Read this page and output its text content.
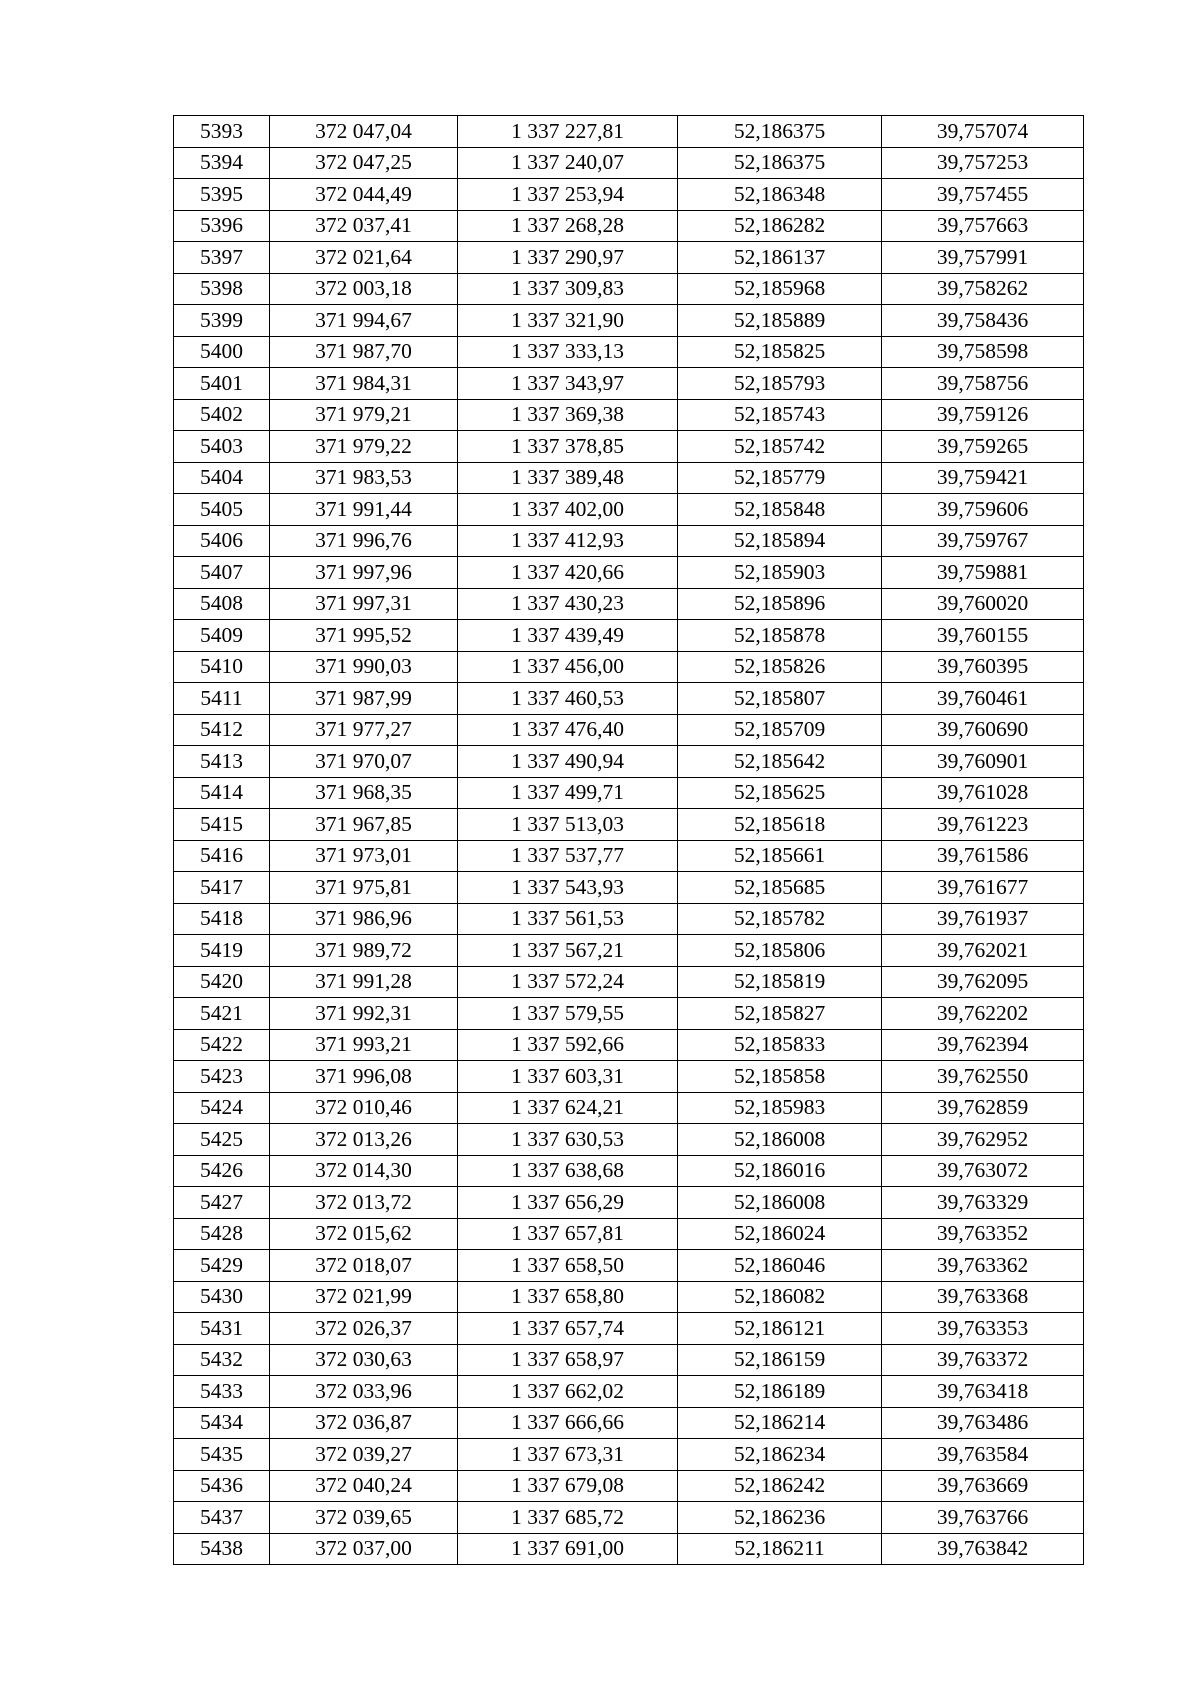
5393	372 047,04	1 337 227,81	52,186375	39,757074
5394	372 047,25	1 337 240,07	52,186375	39,757253
5395	372 044,49	1 337 253,94	52,186348	39,757455
5396	372 037,41	1 337 268,28	52,186282	39,757663
5397	372 021,64	1 337 290,97	52,186137	39,757991
5398	372 003,18	1 337 309,83	52,185968	39,758262
5399	371 994,67	1 337 321,90	52,185889	39,758436
5400	371 987,70	1 337 333,13	52,185825	39,758598
5401	371 984,31	1 337 343,97	52,185793	39,758756
5402	371 979,21	1 337 369,38	52,185743	39,759126
5403	371 979,22	1 337 378,85	52,185742	39,759265
5404	371 983,53	1 337 389,48	52,185779	39,759421
5405	371 991,44	1 337 402,00	52,185848	39,759606
5406	371 996,76	1 337 412,93	52,185894	39,759767
5407	371 997,96	1 337 420,66	52,185903	39,759881
5408	371 997,31	1 337 430,23	52,185896	39,760020
5409	371 995,52	1 337 439,49	52,185878	39,760155
5410	371 990,03	1 337 456,00	52,185826	39,760395
5411	371 987,99	1 337 460,53	52,185807	39,760461
5412	371 977,27	1 337 476,40	52,185709	39,760690
5413	371 970,07	1 337 490,94	52,185642	39,760901
5414	371 968,35	1 337 499,71	52,185625	39,761028
5415	371 967,85	1 337 513,03	52,185618	39,761223
5416	371 973,01	1 337 537,77	52,185661	39,761586
5417	371 975,81	1 337 543,93	52,185685	39,761677
5418	371 986,96	1 337 561,53	52,185782	39,761937
5419	371 989,72	1 337 567,21	52,185806	39,762021
5420	371 991,28	1 337 572,24	52,185819	39,762095
5421	371 992,31	1 337 579,55	52,185827	39,762202
5422	371 993,21	1 337 592,66	52,185833	39,762394
5423	371 996,08	1 337 603,31	52,185858	39,762550
5424	372 010,46	1 337 624,21	52,185983	39,762859
5425	372 013,26	1 337 630,53	52,186008	39,762952
5426	372 014,30	1 337 638,68	52,186016	39,763072
5427	372 013,72	1 337 656,29	52,186008	39,763329
5428	372 015,62	1 337 657,81	52,186024	39,763352
5429	372 018,07	1 337 658,50	52,186046	39,763362
5430	372 021,99	1 337 658,80	52,186082	39,763368
5431	372 026,37	1 337 657,74	52,186121	39,763353
5432	372 030,63	1 337 658,97	52,186159	39,763372
5433	372 033,96	1 337 662,02	52,186189	39,763418
5434	372 036,87	1 337 666,66	52,186214	39,763486
5435	372 039,27	1 337 673,31	52,186234	39,763584
5436	372 040,24	1 337 679,08	52,186242	39,763669
5437	372 039,65	1 337 685,72	52,186236	39,763766
5438	372 037,00	1 337 691,00	52,186211	39,763842
